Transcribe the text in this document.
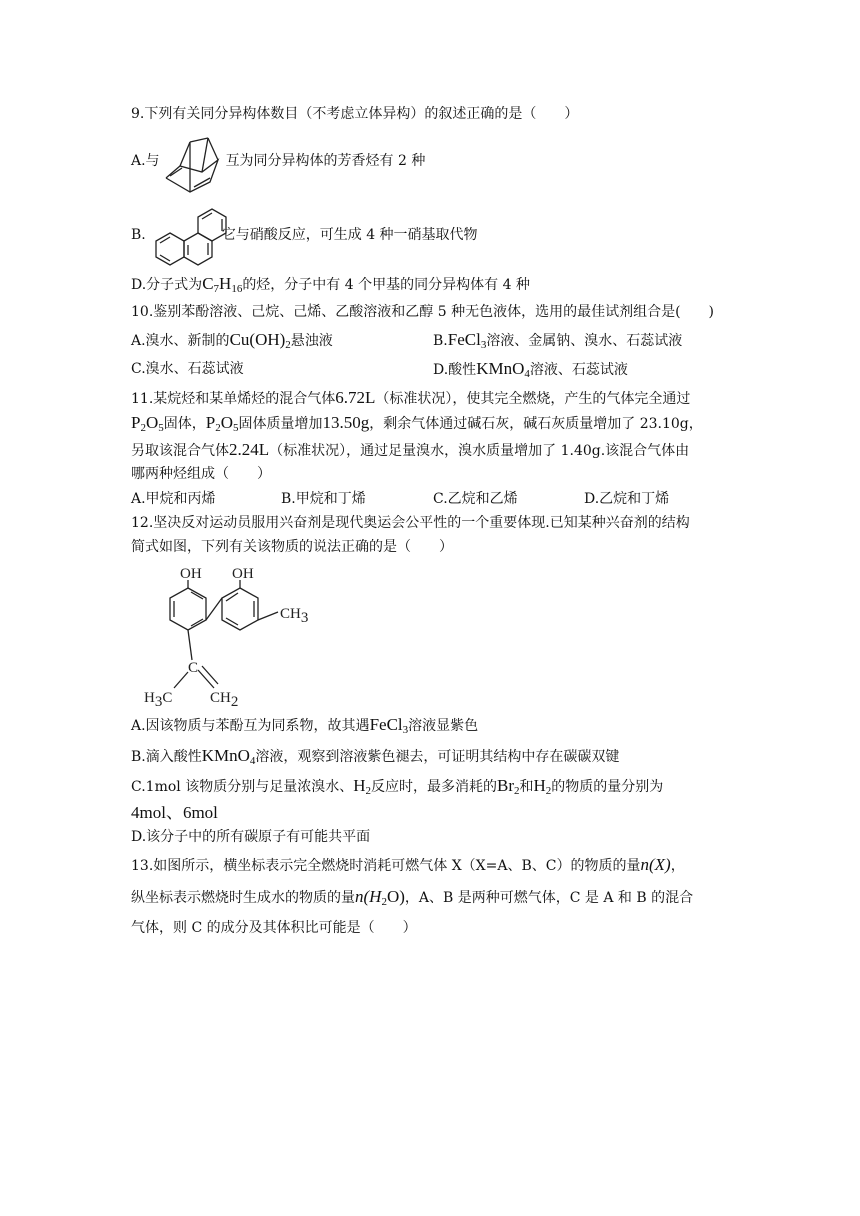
9.下列有关同分异构体数目（不考虑立体异构）的叙述正确的是（　　）
A.与	互为同分异构体的芳香烃有 2 种
B.	它与硝酸反应，可生成 4 种一硝基取代物
D.分子式为$C_7H_{16}$的烃，分子中有 4 个甲基的同分异构体有 4 种
10.鉴别苯酚溶液、己烷、己烯、乙酸溶液和乙醇 5 种无色液体，选用的最佳试剂组合是(　　)
A.溴水、新制的$Cu(OH)_2$悬浊液	B.FeCl$_3$溶液、金属钠、溴水、石蕊试液
C.溴水、石蕊试液	D.酸性KMnO$_4$溶液、石蕊试液
11.某烷烃和某单烯烃的混合气体6.72L（标准状况），使其完全燃烧，产生的气体完全通过
$P_2O_5$固体，$P_2O_5$固体质量增加13.50g，剩余气体通过碱石灰，碱石灰质量增加了 23.10g，
另取该混合气体2.24L（标准状况），通过足量溴水，溴水质量增加了 1.40g.该混合气体由
哪两种烃组成（　　）
A.甲烷和丙烯	B.甲烷和丁烯	C.乙烷和乙烯	D.乙烷和丁烯
12.坚决反对运动员服用兴奋剂是现代奥运会公平性的一个重要体现.已知某种兴奋剂的结构
简式如图，下列有关该物质的说法正确的是（　　）
OH OH
CH3
C
H3C	CH2
A.因该物质与苯酚互为同系物，故其遇FeCl$_3$溶液显紫色
B.滴入酸性KMnO$_4$溶液，观察到溶液紫色褪去，可证明其结构中存在碳碳双键
C.1mol 该物质分别与足量浓溴水、$H_2$反应时，最多消耗的$Br_2$和$H_2$的物质的量分别为
4mol、6mol
D.该分子中的所有碳原子有可能共平面
13.如图所示，横坐标表示完全燃烧时消耗可燃气体 X（X=A、B、C）的物质的量n(X)，
纵坐标表示燃烧时生成水的物质的量$n(H_2O)$，A、B 是两种可燃气体，C 是 A 和 B 的混合
气体，则 C 的成分及其体积比可能是（　　）
